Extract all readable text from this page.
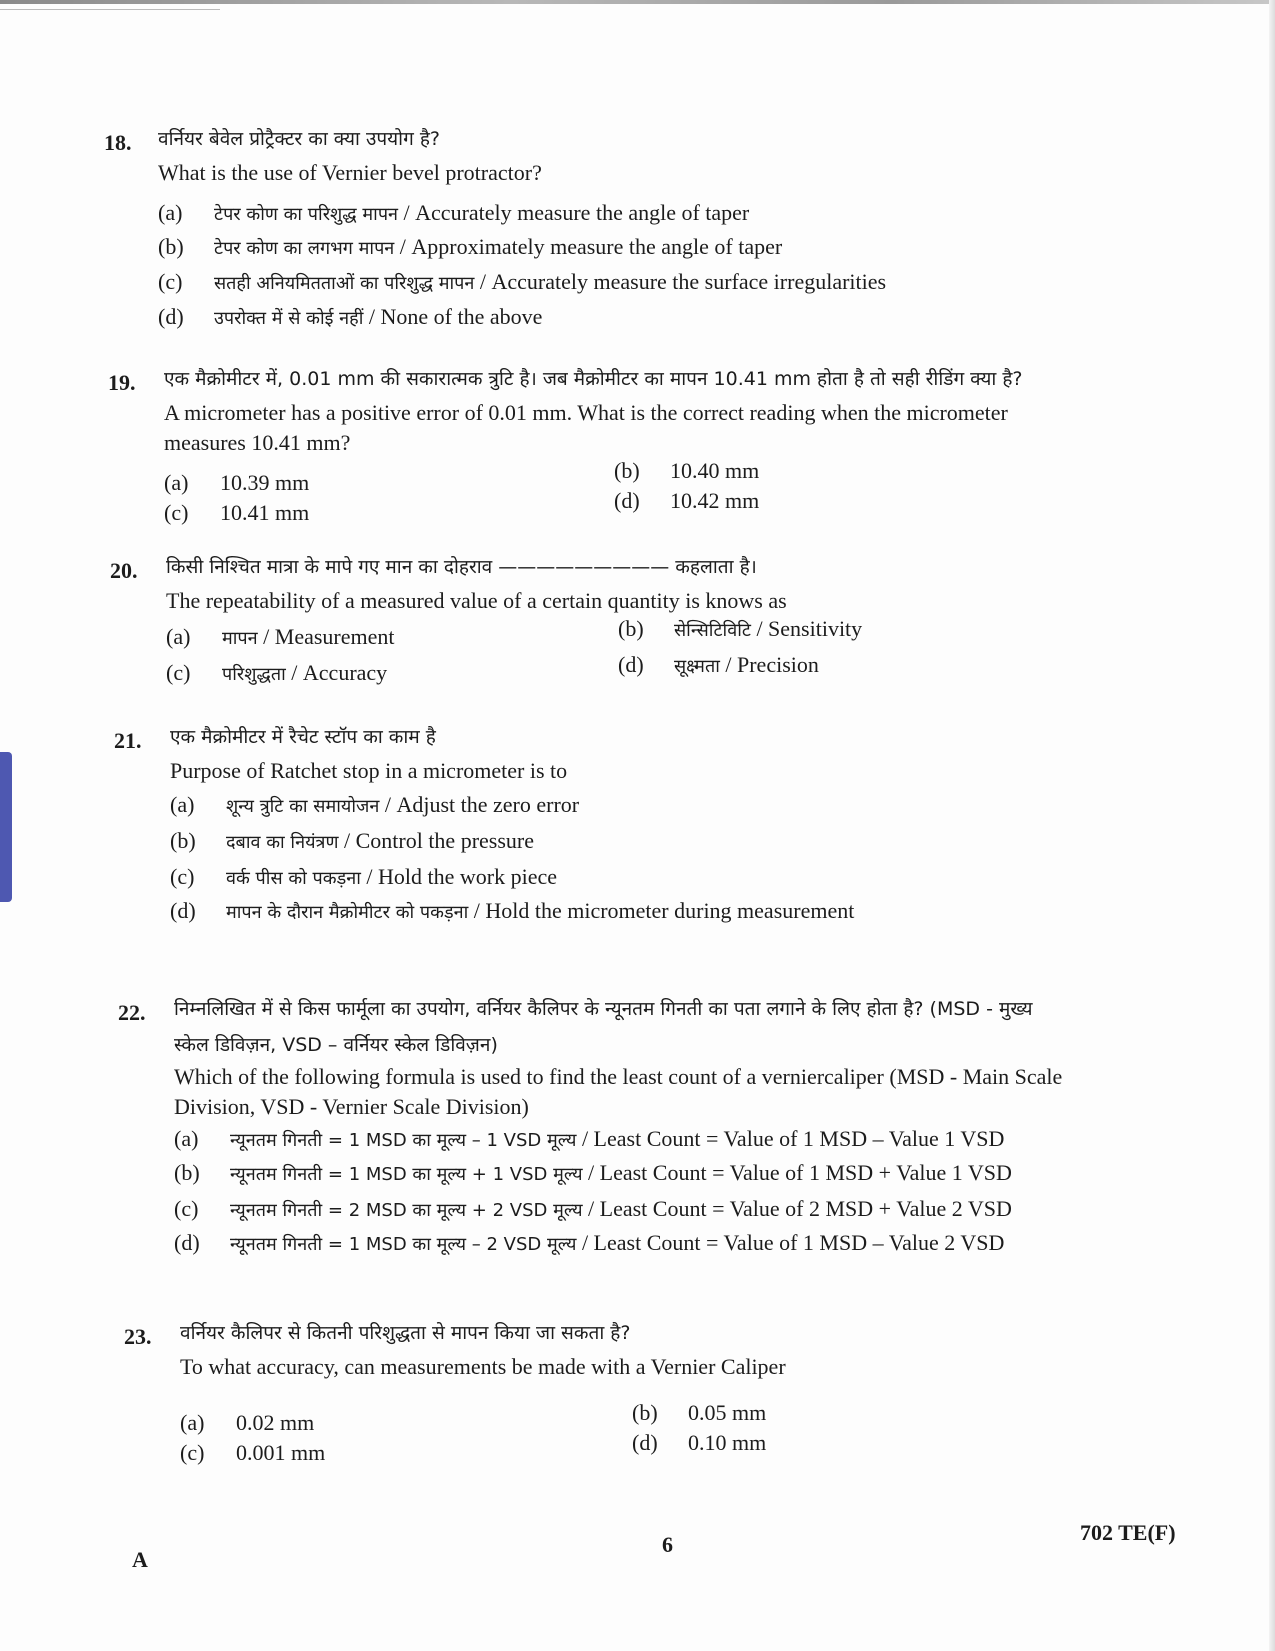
18. वर्नियर बेवेल प्रोट्रैक्टर का क्या उपयोग है?
What is the use of Vernier bevel protractor?
(a) टेपर कोण का परिशुद्ध मापन / Accurately measure the angle of taper
(b) टेपर कोण का लगभग मापन / Approximately measure the angle of taper
(c) सतही अनियमितताओं का परिशुद्ध मापन / Accurately measure the surface irregularities
(d) उपरोक्त में से कोई नहीं / None of the above
19. एक मैक्रोमीटर में, 0.01 mm की सकारात्मक त्रुटि है। जब मैक्रोमीटर का मापन 10.41 mm होता है तो सही रीडिंग क्या है?
A micrometer has a positive error of 0.01 mm. What is the correct reading when the micrometer
measures 10.41 mm?
(a) 10.39 mm	(b) 10.40 mm
(c) 10.41 mm	(d) 10.42 mm
20. किसी निश्चित मात्रा के मापे गए मान का दोहराव ————————— कहलाता है।
The repeatability of a measured value of a certain quantity is knows as
(a) मापन / Measurement	(b) सेन्सिटिविटि / Sensitivity
(c) परिशुद्धता / Accuracy	(d) सूक्ष्मता / Precision
21. एक मैक्रोमीटर में रैचेट स्टॉप का काम है
Purpose of Ratchet stop in a micrometer is to
(a) शून्य त्रुटि का समायोजन / Adjust the zero error
(b) दबाव का नियंत्रण / Control the pressure
(c) वर्क पीस को पकड़ना / Hold the work piece
(d) मापन के दौरान मैक्रोमीटर को पकड़ना / Hold the micrometer during measurement
22. निम्नलिखित में से किस फार्मूला का उपयोग, वर्नियर कैलिपर के न्यूनतम गिनती का पता लगाने के लिए होता है? (MSD - मुख्य
स्केल डिविज़न, VSD – वर्नियर स्केल डिविज़न)
Which of the following formula is used to find the least count of a verniercaliper (MSD - Main Scale
Division, VSD - Vernier Scale Division)
(a) न्यूनतम गिनती = 1 MSD का मूल्य – 1 VSD मूल्य / Least Count = Value of 1 MSD – Value 1 VSD
(b) न्यूनतम गिनती = 1 MSD का मूल्य + 1 VSD मूल्य / Least Count = Value of 1 MSD + Value 1 VSD
(c) न्यूनतम गिनती = 2 MSD का मूल्य + 2 VSD मूल्य / Least Count = Value of 2 MSD + Value 2 VSD
(d) न्यूनतम गिनती = 1 MSD का मूल्य – 2 VSD मूल्य / Least Count = Value of 1 MSD – Value 2 VSD
23. वर्नियर कैलिपर से कितनी परिशुद्धता से मापन किया जा सकता है?
To what accuracy, can measurements be made with a Vernier Caliper
(a) 0.02 mm	(b) 0.05 mm
(c) 0.001 mm	(d) 0.10 mm
A
6	702 TE(F)
